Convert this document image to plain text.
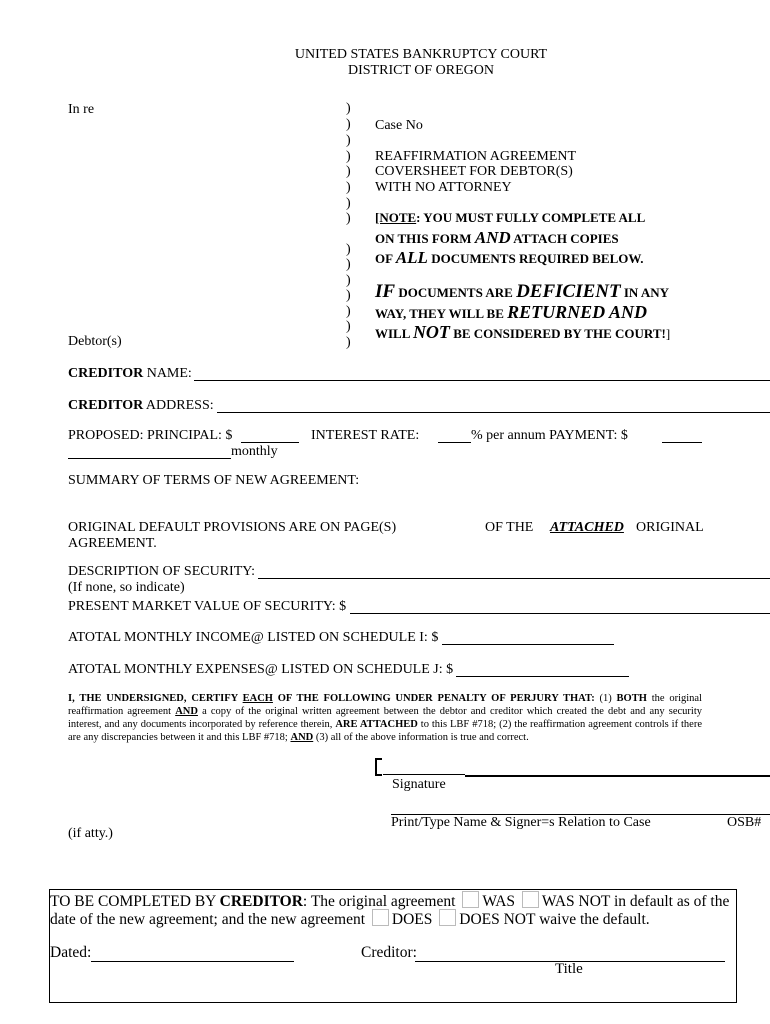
UNITED STATES BANKRUPTCY COURT
DISTRICT OF OREGON
In re
Debtor(s)
)
)
)
)
)
)
)
)
)
)
)
)
)
)
)
Case No
REAFFIRMATION AGREEMENT
COVERSHEET FOR DEBTOR(S)
WITH NO ATTORNEY
[NOTE: YOU MUST FULLY COMPLETE ALL
ON THIS FORM AND ATTACH COPIES
OF ALL DOCUMENTS REQUIRED BELOW.
IF DOCUMENTS ARE DEFICIENT IN ANY
WAY, THEY WILL BE RETURNED AND
WILL NOT BE CONSIDERED BY THE COURT!]
CREDITOR NAME:
CREDITOR ADDRESS:
PROPOSED: PRINCIPAL: $	INTEREST RATE:	% per annum PAYMENT: $
monthly
SUMMARY OF TERMS OF NEW AGREEMENT:
ORIGINAL DEFAULT PROVISIONS ARE ON PAGE(S)	OF THE ATTACHED ORIGINAL
AGREEMENT.
DESCRIPTION OF SECURITY:
(If none, so indicate)
PRESENT MARKET VALUE OF SECURITY: $
ATOTAL MONTHLY INCOME@ LISTED ON SCHEDULE I: $
ATOTAL MONTHLY EXPENSES@ LISTED ON SCHEDULE J: $
I, THE UNDERSIGNED, CERTIFY EACH OF THE FOLLOWING UNDER PENALTY OF PERJURY THAT: (1) BOTH the original reaffirmation agreement AND a copy of the original written agreement between the debtor and creditor which created the debt and any security interest, and any documents incorporated by reference therein, ARE ATTACHED to this LBF #718; (2) the reaffirmation agreement controls if there are any discrepancies between it and this LBF #718; AND (3) all of the above information is true and correct.
Signature
Print/Type Name & Signer=s Relation to Case	OSB#
(if atty.)
TO BE COMPLETED BY CREDITOR: The original agreement WAS WAS NOT in default as of the
date of the new agreement; and the new agreement DOES DOES NOT waive the default.
Dated:	Creditor:
Title
